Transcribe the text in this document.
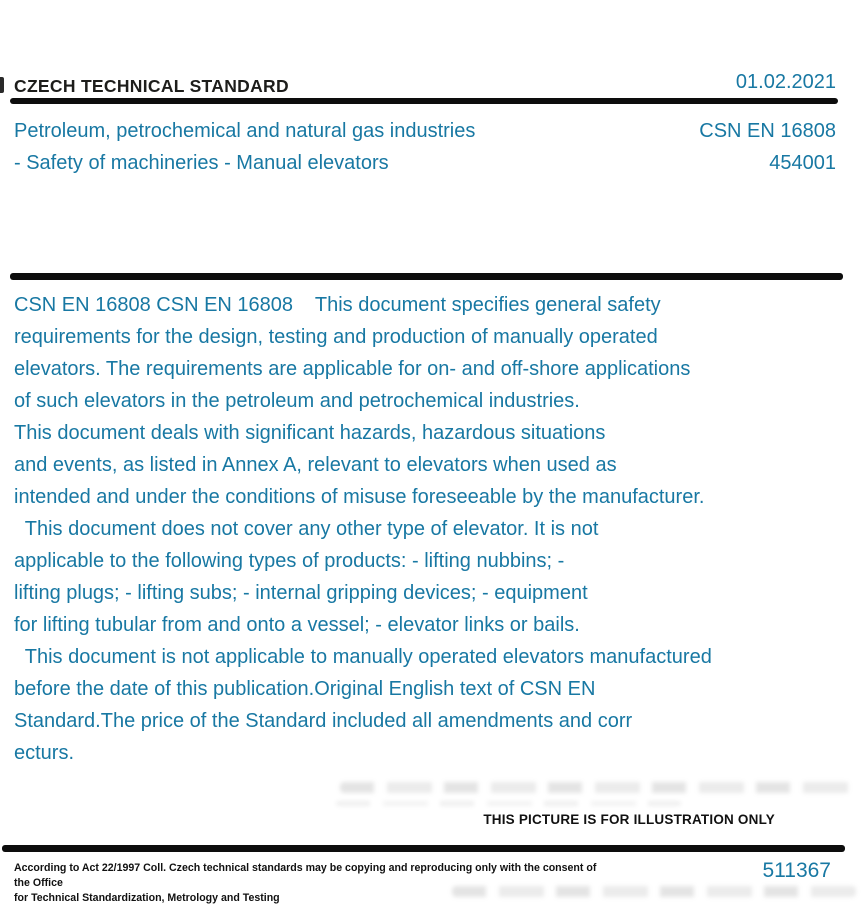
CZECH TECHNICAL STANDARD	01.02.2021
Petroleum, petrochemical and natural gas industries	CSN EN 16808
- Safety of machineries - Manual elevators	454001
CSN EN 16808 CSN EN 16808    This document specifies general safety
requirements for the design, testing and production of manually operated
elevators. The requirements are applicable for on- and off-shore applications
of such elevators in the petroleum and petrochemical industries.
This document deals with significant hazards, hazardous situations
and events, as listed in Annex A, relevant to elevators when used as
intended and under the conditions of misuse foreseeable by the manufacturer.
This document does not cover any other type of elevator. It is not
applicable to the following types of products: - lifting nubbins; -
lifting plugs; - lifting subs; - internal gripping devices; - equipment
for lifting tubular from and onto a vessel; - elevator links or bails.
This document is not applicable to manually operated elevators manufactured
before the date of this publication.Original English text of CSN EN
Standard.The price of the Standard included all amendments and corr
ecturs.
THIS PICTURE IS FOR ILLUSTRATION ONLY
According to Act 22/1997 Coll. Czech technical standards may be copying and reproducing only with the consent of the Office
for Technical Standardization, Metrology and Testing
511367
